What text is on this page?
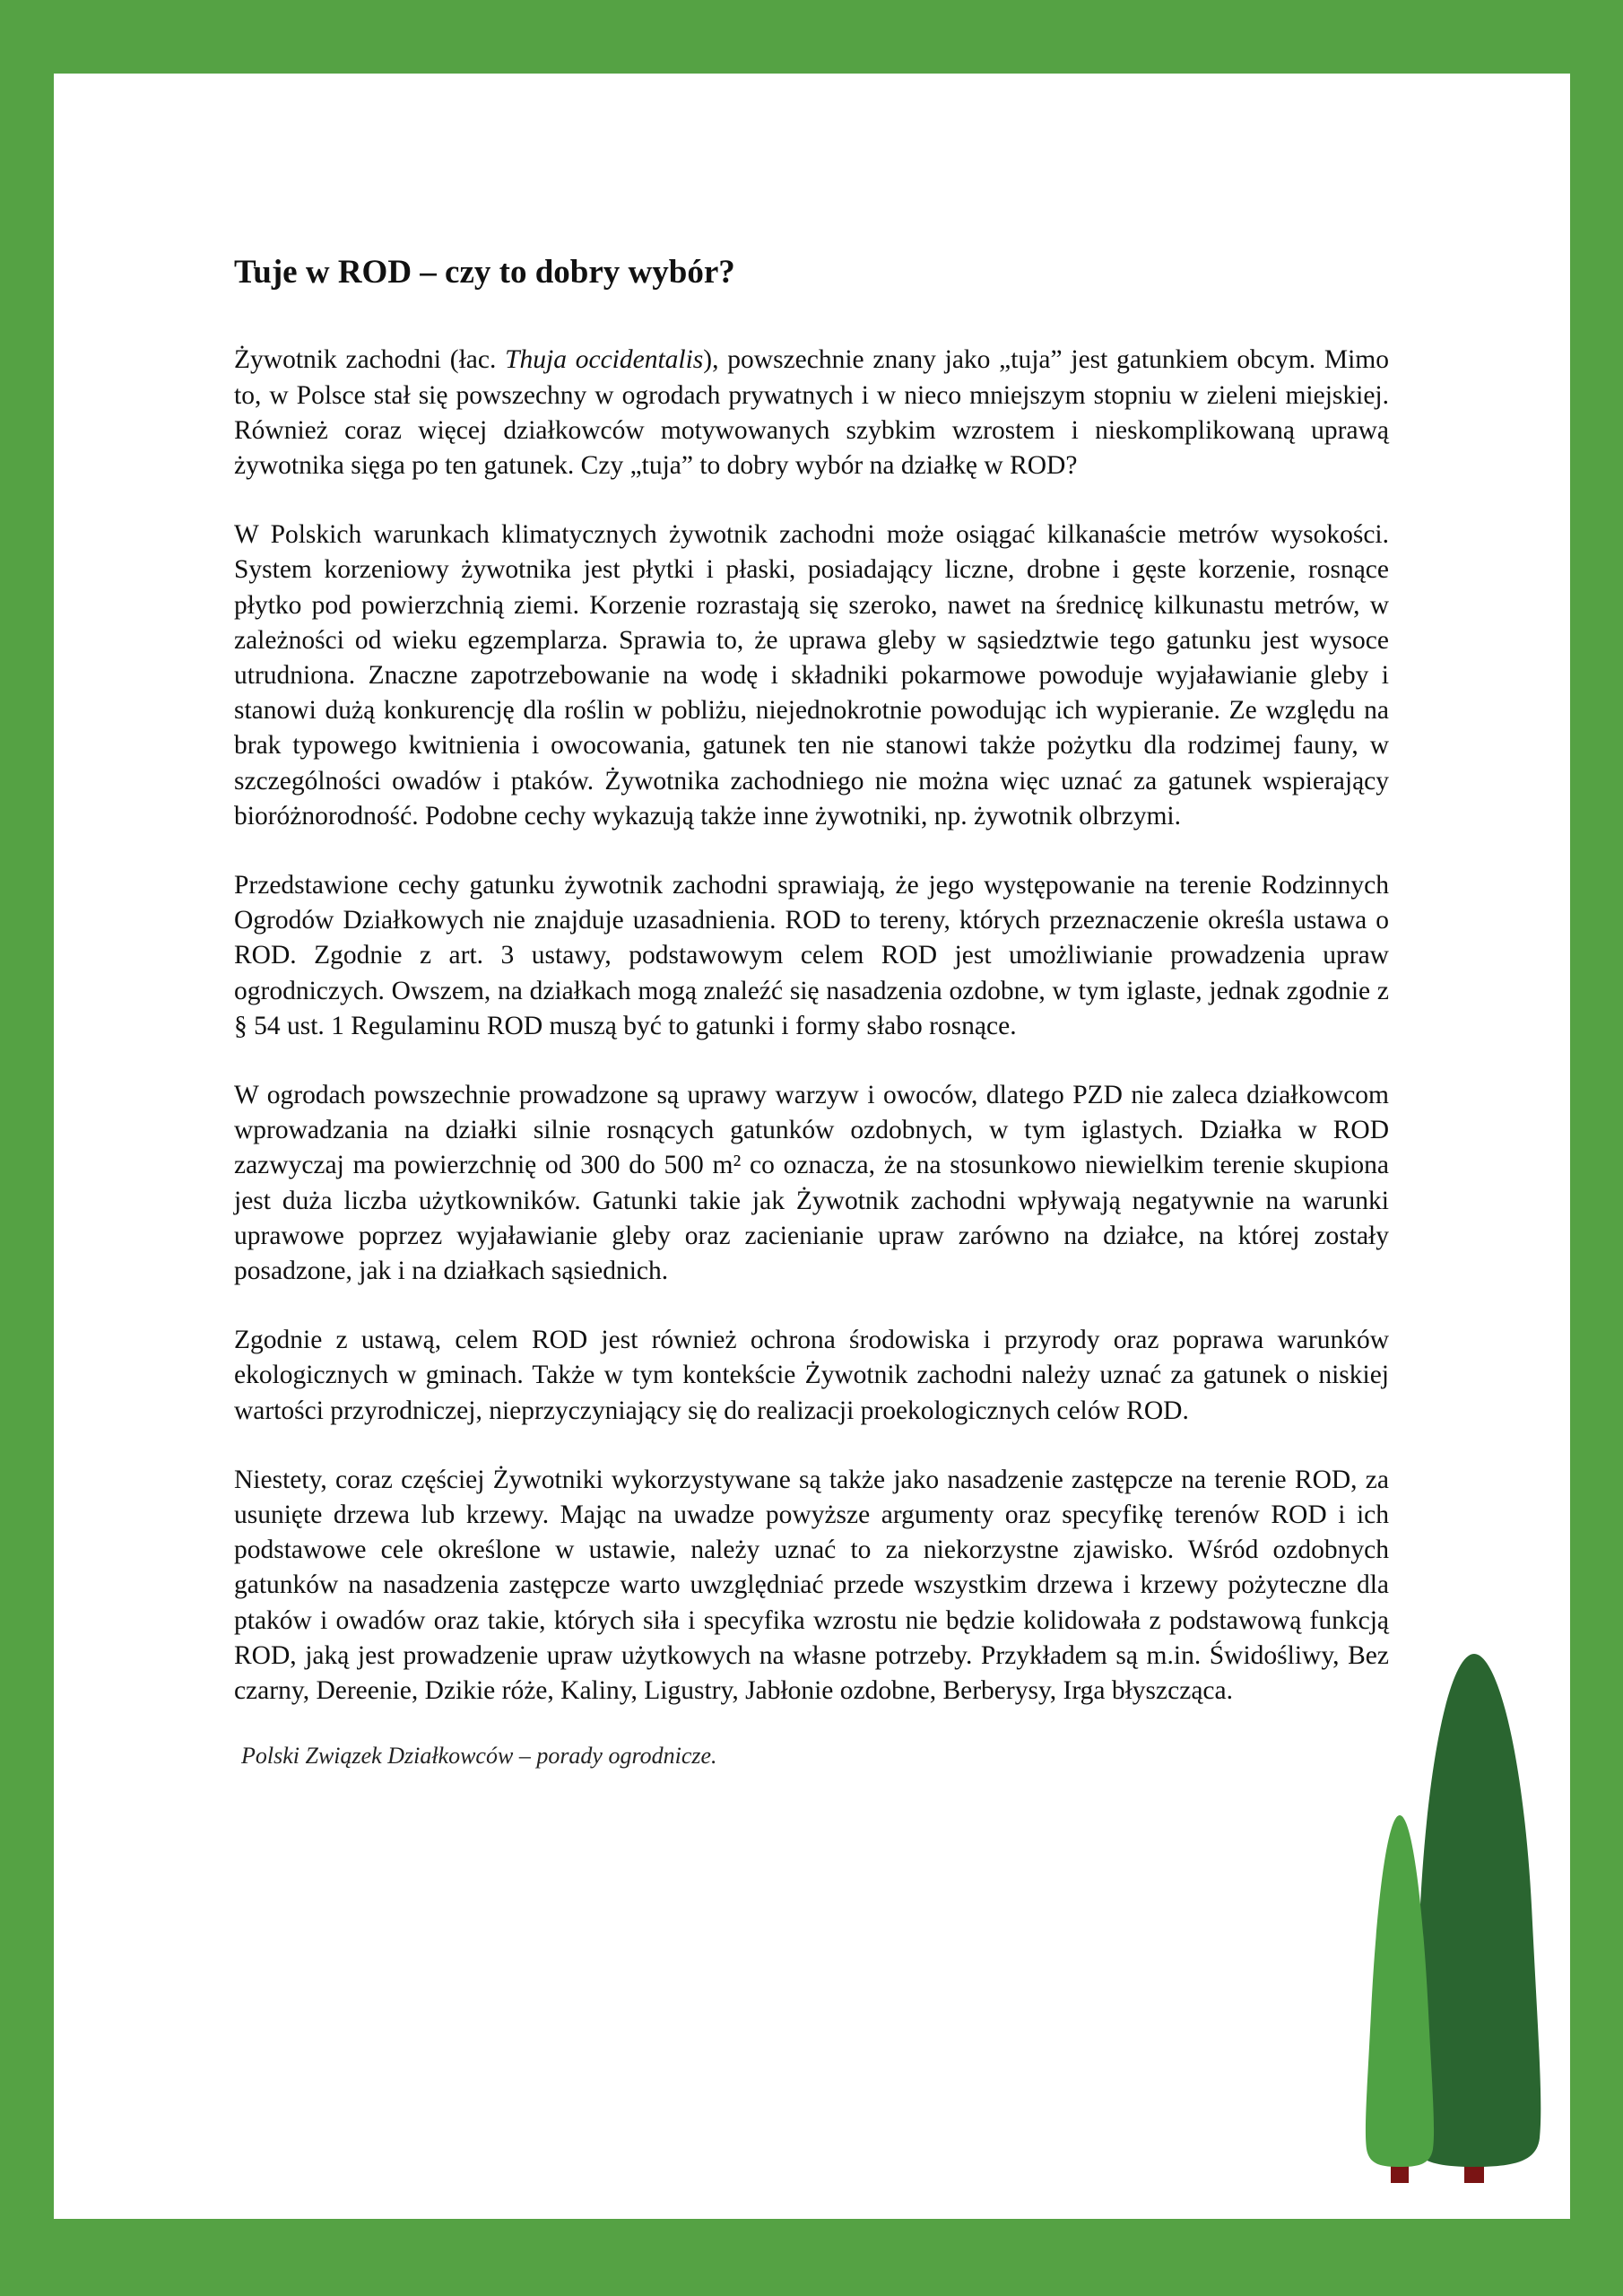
Tuje w ROD – czy to dobry wybór?

Żywotnik zachodni (łac. Thuja occidentalis), powszechnie znany jako „tuja” jest gatunkiem obcym. Mimo to, w Polsce stał się powszechny w ogrodach prywatnych i w nieco mniejszym stopniu w zieleni miejskiej. Również coraz więcej działkowców motywowanych szybkim wzrostem i nieskomplikowaną uprawą żywotnika sięga po ten gatunek. Czy „tuja” to dobry wybór na działkę w ROD?

W Polskich warunkach klimatycznych żywotnik zachodni może osiągać kilkanaście metrów wysokości. System korzeniowy żywotnika jest płytki i płaski, posiadający liczne, drobne i gęste korzenie, rosnące płytko pod powierzchnią ziemi. Korzenie rozrastają się szeroko, nawet na średnicę kilkunastu metrów, w zależności od wieku egzemplarza. Sprawia to, że uprawa gleby w sąsiedztwie tego gatunku jest wysoce utrudniona. Znaczne zapotrzebowanie na wodę i składniki pokarmowe powoduje wyjaławianie gleby i stanowi dużą konkurencję dla roślin w pobliżu, niejednokrotnie powodując ich wypieranie. Ze względu na brak typowego kwitnienia i owocowania, gatunek ten nie stanowi także pożytku dla rodzimej fauny, w szczególności owadów i ptaków. Żywotnika zachodniego nie można więc uznać za gatunek wspierający bioróżnorodność. Podobne cechy wykazują także inne żywotniki, np. żywotnik olbrzymi.

Przedstawione cechy gatunku żywotnik zachodni sprawiają, że jego występowanie na terenie Rodzinnych Ogrodów Działkowych nie znajduje uzasadnienia. ROD to tereny, których przeznaczenie określa ustawa o ROD. Zgodnie z art. 3 ustawy, podstawowym celem ROD jest umożliwianie prowadzenia upraw ogrodniczych. Owszem, na działkach mogą znaleźć się nasadzenia ozdobne, w tym iglaste, jednak zgodnie z § 54 ust. 1 Regulaminu ROD muszą być to gatunki i formy słabo rosnące.

W ogrodach powszechnie prowadzone są uprawy warzyw i owoców, dlatego PZD nie zaleca działkowcom wprowadzania na działki silnie rosnących gatunków ozdobnych, w tym iglastych. Działka w ROD zazwyczaj ma powierzchnię od 300 do 500 m² co oznacza, że na stosunkowo niewielkim terenie skupiona jest duża liczba użytkowników. Gatunki takie jak Żywotnik zachodni wpływają negatywnie na warunki uprawowe poprzez wyjaławianie gleby oraz zacienianie upraw zarówno na działce, na której zostały posadzone, jak i na działkach sąsiednich.

Zgodnie z ustawą, celem ROD jest również ochrona środowiska i przyrody oraz poprawa warunków ekologicznych w gminach. Także w tym kontekście Żywotnik zachodni należy uznać za gatunek o niskiej wartości przyrodniczej, nieprzyczyniający się do realizacji proekologicznych celów ROD.

Niestety, coraz częściej Żywotniki wykorzystywane są także jako nasadzenie zastępcze na terenie ROD, za usunięte drzewa lub krzewy. Mając na uwadze powyższe argumenty oraz specyfikę terenów ROD i ich podstawowe cele określone w ustawie, należy uznać to za niekorzystne zjawisko. Wśród ozdobnych gatunków na nasadzenia zastępcze warto uwzględniać przede wszystkim drzewa i krzewy pożyteczne dla ptaków i owadów oraz takie, których siła i specyfika wzrostu nie będzie kolidowała z podstawową funkcją ROD, jaką jest prowadzenie upraw użytkowych na własne potrzeby. Przykładem są m.in. Świdośliwy, Bez czarny, Dereenie, Dzikie róże, Kaliny, Ligustry, Jabłonie ozdobne, Berberysy, Irga błyszcząca.

Polski Związek Działkowców – porady ogrodnicze.
